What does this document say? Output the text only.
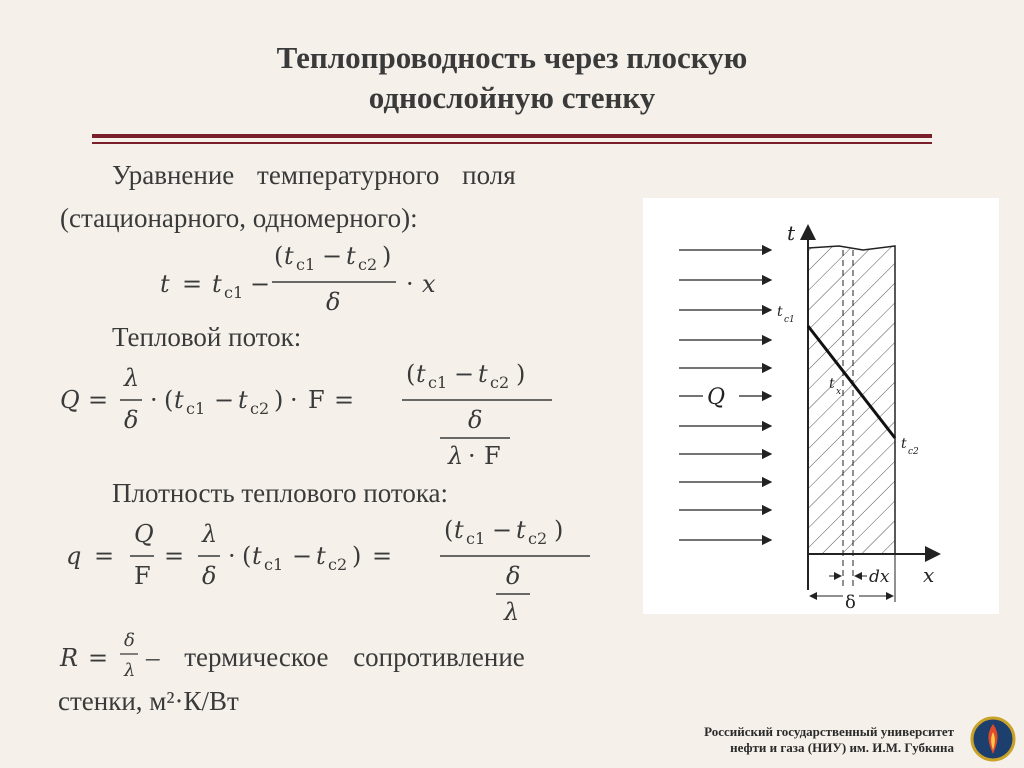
Теплопроводность через плоскую
однослойную стенку
Уравнение температурного поля
(стационарного, одномерного):
t = t с1 −
( t с1 − t с2 )
δ
· x
Тепловой поток:
Q =
λ
δ
· ( t с1 − t с2 ) · F =
( t с1 − t с2 )
δ
λ · F
Плотность теплового потока:
q =
Q
F
=
λ
δ
· ( t с1 − t с2 ) =
( t с1 − t с2 )
δ
λ
R =
δ
λ – термическое сопротивление
стенки, м²·К/Вт
Q
t
x
t с1
t x
t с2
dx
δ
Российский государственный университет
нефти и газа (НИУ) им. И.М. Губкина
